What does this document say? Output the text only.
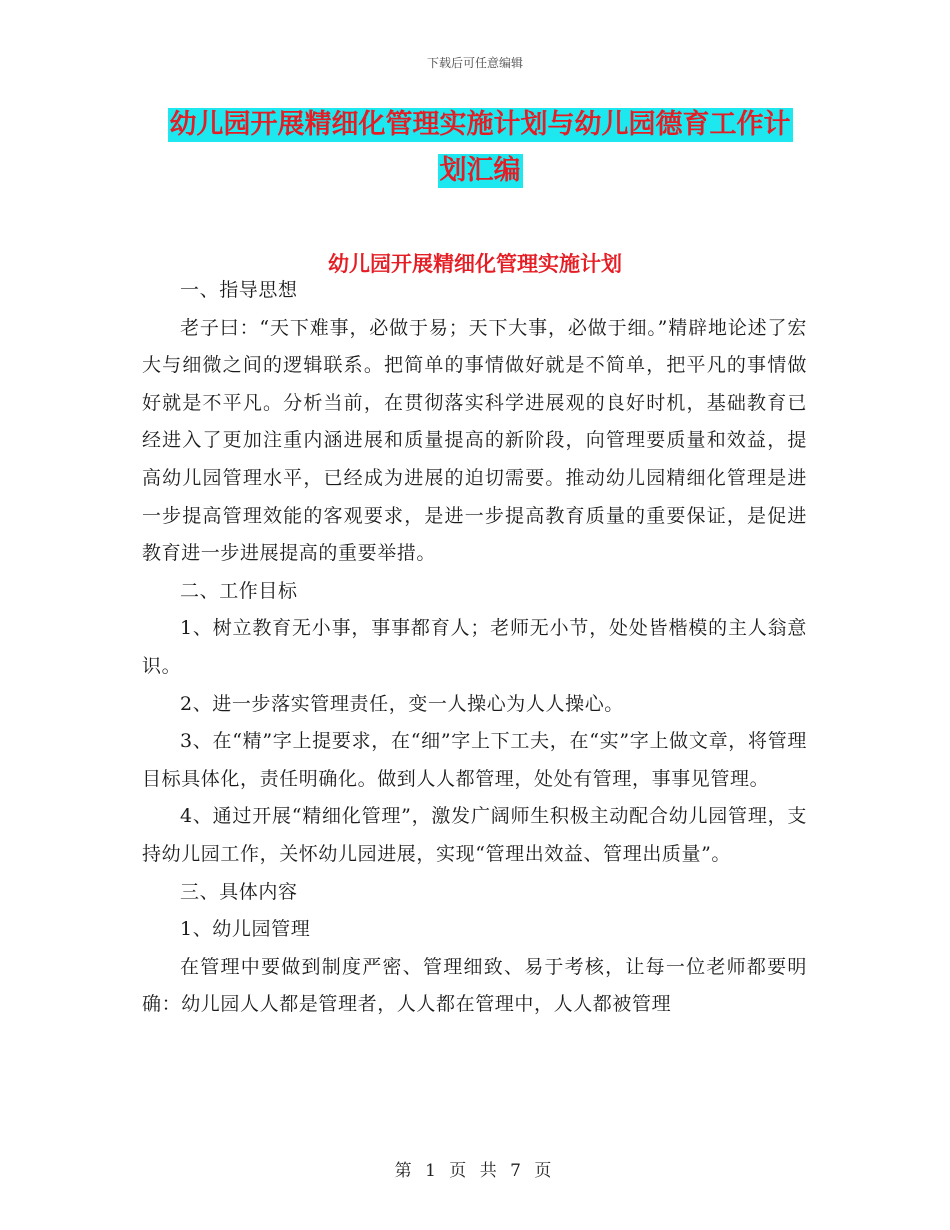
下载后可任意编辑
幼儿园开展精细化管理实施计划与幼儿园德育工作计
划汇编
幼儿园开展精细化管理实施计划

一、指导思想

老子曰：“天下难事，必做于易；天下大事，必做于细。”精辟地论述了宏大与细微之间的逻辑联系。把简单的事情做好就是不简单，把平凡的事情做好就是不平凡。分析当前，在贯彻落实科学进展观的良好时机，基础教育已经进入了更加注重内涵进展和质量提高的新阶段，向管理要质量和效益，提高幼儿园管理水平，已经成为进展的迫切需要。推动幼儿园精细化管理是进一步提高管理效能的客观要求，是进一步提高教育质量的重要保证，是促进教育进一步进展提高的重要举措。

二、工作目标

1、树立教育无小事，事事都育人；老师无小节，处处皆楷模的主人翁意识。

2、进一步落实管理责任，变一人操心为人人操心。

3、在“精”字上提要求，在“细”字上下工夫，在“实”字上做文章，将管理目标具体化，责任明确化。做到人人都管理，处处有管理，事事见管理。

4、通过开展“精细化管理”，激发广阔师生积极主动配合幼儿园管理，支持幼儿园工作，关怀幼儿园进展，实现“管理出效益、管理出质量”。

三、具体内容

1、幼儿园管理

在管理中要做到制度严密、管理细致、易于考核，让每一位老师都要明确：幼儿园人人都是管理者，人人都在管理中，人人都被管理

第 1 页 共 7 页
